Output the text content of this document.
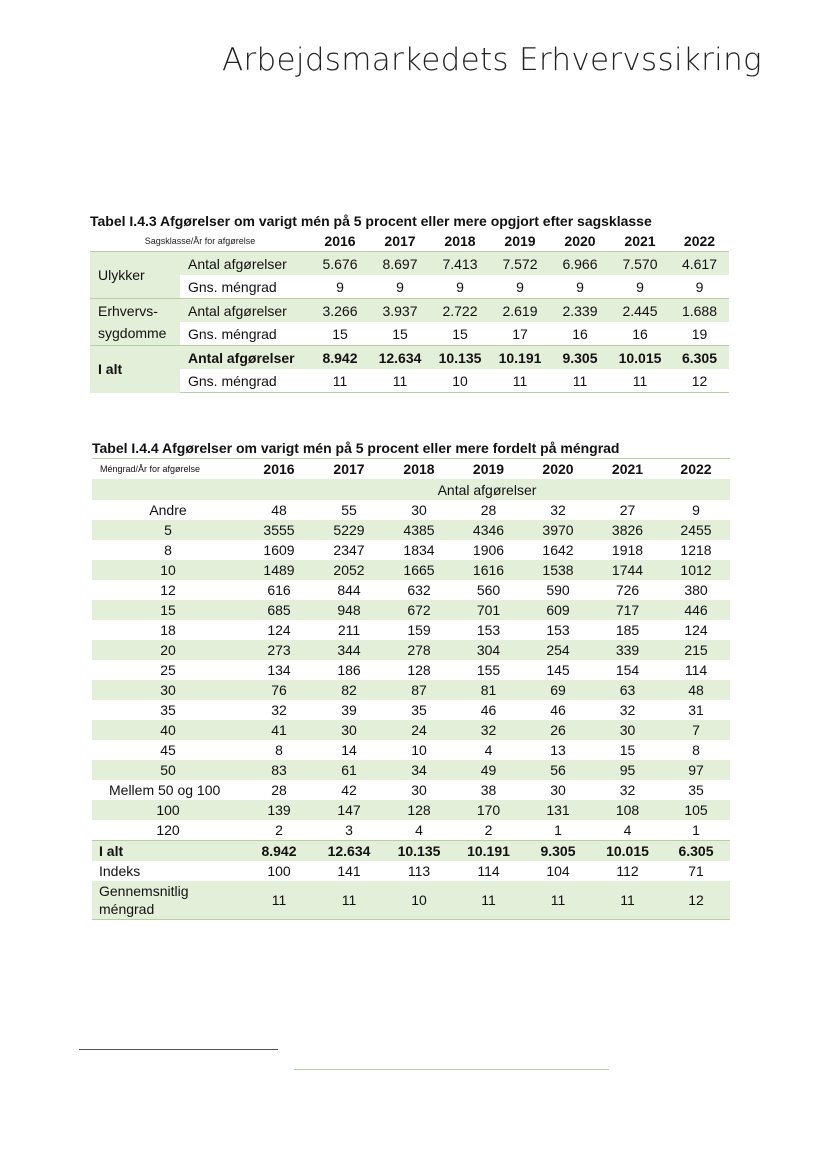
Arbejdsmarkedets Erhvervssikring
Tabel I.4.3 Afgørelser om varigt mén på 5 procent eller mere opgjort efter sagsklasse
Sagsklasse/År for afgørelse		2016	2017	2018	2019	2020	2021	2022
Ulykker	Antal afgørelser	5.676	8.697	7.413	7.572	6.966	7.570	4.617
	Gns. méngrad	9	9	9	9	9	9	9
Erhvervs- sygdomme	Antal afgørelser	3.266	3.937	2.722	2.619	2.339	2.445	1.688
	Gns. méngrad	15	15	15	17	16	16	19
I alt	Antal afgørelser	8.942	12.634	10.135	10.191	9.305	10.015	6.305
	Gns. méngrad	11	11	10	11	11	11	12
Tabel I.4.4 Afgørelser om varigt mén på 5 procent eller mere fordelt på méngrad
Méngrad/År for afgørelse	2016	2017	2018	2019	2020	2021	2022
	Antal afgørelser						
Andre	48	55	30	28	32	27	9
5	3555	5229	4385	4346	3970	3826	2455
8	1609	2347	1834	1906	1642	1918	1218
10	1489	2052	1665	1616	1538	1744	1012
12	616	844	632	560	590	726	380
15	685	948	672	701	609	717	446
18	124	211	159	153	153	185	124
20	273	344	278	304	254	339	215
25	134	186	128	155	145	154	114
30	76	82	87	81	69	63	48
35	32	39	35	46	46	32	31
40	41	30	24	32	26	30	7
45	8	14	10	4	13	15	8
50	83	61	34	49	56	95	97
Mellem 50 og 100	28	42	30	38	30	32	35
100	139	147	128	170	131	108	105
120	2	3	4	2	1	4	1
I alt	8.942	12.634	10.135	10.191	9.305	10.015	6.305
Indeks	100	141	113	114	104	112	71
Gennemsnitlig méngrad	11	11	10	11	11	11	12
